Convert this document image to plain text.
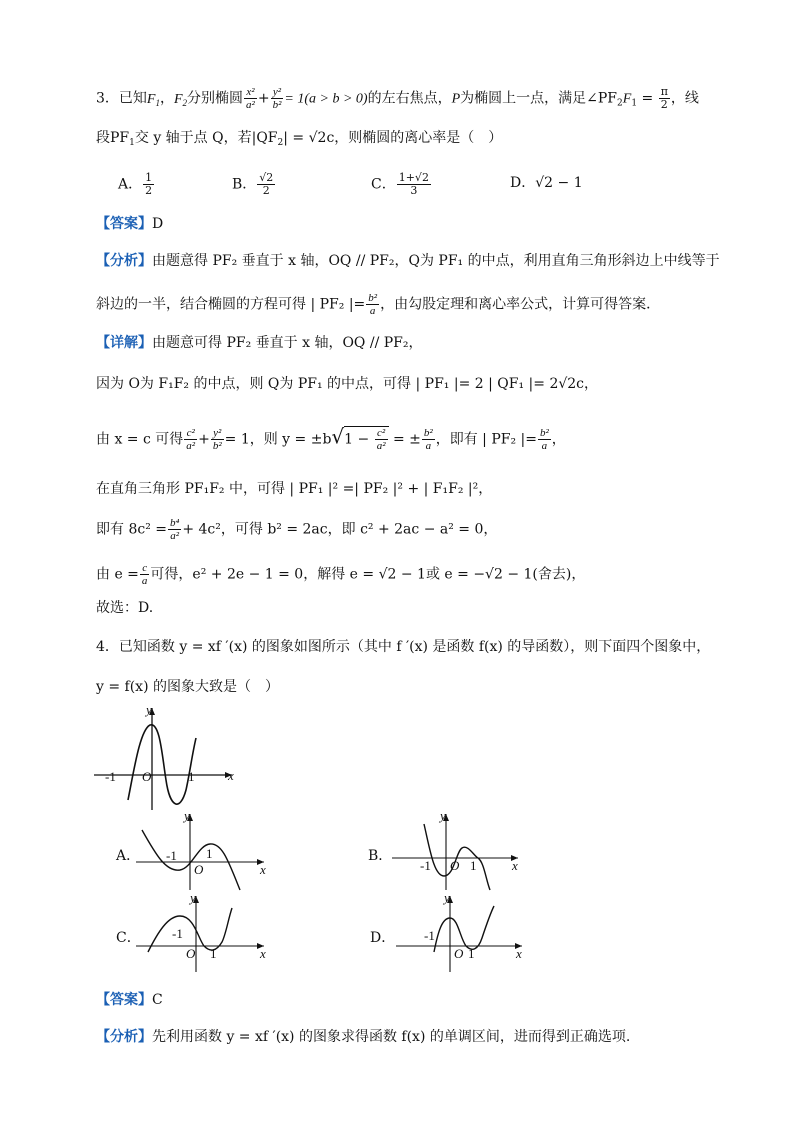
3．已知$F_1$，$F_2$分别椭圆 $\frac{\text{x²}}{\text{a²}} + \frac{\text{y²}}{\text{b²}} = 1(a > b > 0)$的左右焦点，P为椭圆上一点，满足$\angle PF_2F_1 = \frac{\pi}{2}$ ，线
段$PF_1$交 y 轴于点 Q，若$|QF_2| = √2c$，则椭圆的离心率是（　）
A． $\frac{1}{2}$	B． $\frac{√2}{2}$	C． $\frac{1+√2}{3}$	D．√2 − 1
【答案】D
【分析】由题意得 PF₂ 垂直于 x 轴，OQ // PF₂，Q为 PF₁ 的中点，利用直角三角形斜边上中线等于
斜边的一半，结合椭圆的方程可得 | PF₂ |= $\frac{\text{b²}}{a}$ ，由勾股定理和离心率公式，计算可得答案．
【详解】由题意可得 PF₂ 垂直于 x 轴，OQ // PF₂，
因为 O为 F₁F₂ 的中点，则 Q为 PF₁ 的中点，可得 | PF₁ |= 2 | QF₁ |= 2√2c，
由 x = c 可得 $\frac{\text{c²}}{\text{a²}} + \frac{\text{y²}}{\text{b²}} = 1$，则 $y = \pm b√1 - \frac{\text{c²}}{\text{a²}}$ = ± $\frac{\text{b²}}{a}$ ，即有 | PF₂ |= $\frac{\text{b²}}{a}$ ，
在直角三角形 PF₁F₂ 中，可得 | PF₁ |² =| PF₂ |² + | F₁F₂ |²，
即有 $8c^2 = \frac{\text{b⁴}}{\text{a²}} + 4c^2$，可得 b² = 2ac，即 c² + 2ac − a² = 0，
由 $e = \frac{c}{a}$ 可得，e² + 2e − 1 = 0，解得 e = √2 − 1或 e = −√2 − 1(舍去)，
故选：D.
4．已知函数 y = xf ′(x) 的图象如图所示（其中 f ′(x) 是函数 f(x) 的导函数），则下面四个图象中，
y = f(x) 的图象大致是（　）
y
x
O
-1	1
A．
y
x
O
-1 1	B．
y
x
O
-1	1
C．
y
x
O
-1
1
D．
y
x
O
-1
1
【答案】C
【分析】先利用函数 y = xf ′(x) 的图象求得函数 f(x) 的单调区间，进而得到正确选项.
